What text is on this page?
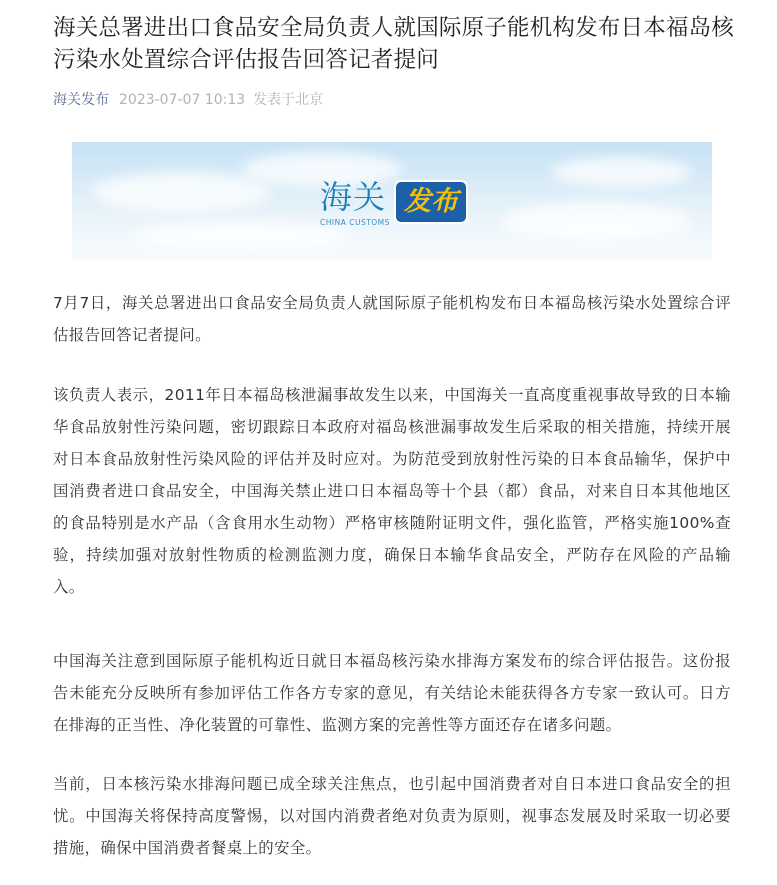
海关总署进出口食品安全局负责人就国际原子能机构发布日本福岛核污染水处置综合评估报告回答记者提问
海关发布 2023-07-07 10:13 发表于北京
海关
CHINA CUSTOMS
发布

7月7日，海关总署进出口食品安全局负责人就国际原子能机构发布日本福岛核污染水处置综合评估报告回答记者提问。

该负责人表示，2011年日本福岛核泄漏事故发生以来，中国海关一直高度重视事故导致的日本输华食品放射性污染问题，密切跟踪日本政府对福岛核泄漏事故发生后采取的相关措施，持续开展对日本食品放射性污染风险的评估并及时应对。为防范受到放射性污染的日本食品输华，保护中国消费者进口食品安全，中国海关禁止进口日本福岛等十个县（都）食品，对来自日本其他地区的食品特别是水产品（含食用水生动物）严格审核随附证明文件，强化监管，严格实施100%查验，持续加强对放射性物质的检测监测力度，确保日本输华食品安全，严防存在风险的产品输入。

中国海关注意到国际原子能机构近日就日本福岛核污染水排海方案发布的综合评估报告。这份报告未能充分反映所有参加评估工作各方专家的意见，有关结论未能获得各方专家一致认可。日方在排海的正当性、净化装置的可靠性、监测方案的完善性等方面还存在诸多问题。

当前，日本核污染水排海问题已成全球关注焦点，也引起中国消费者对自日本进口食品安全的担忧。中国海关将保持高度警惕，以对国内消费者绝对负责为原则，视事态发展及时采取一切必要措施，确保中国消费者餐桌上的安全。
